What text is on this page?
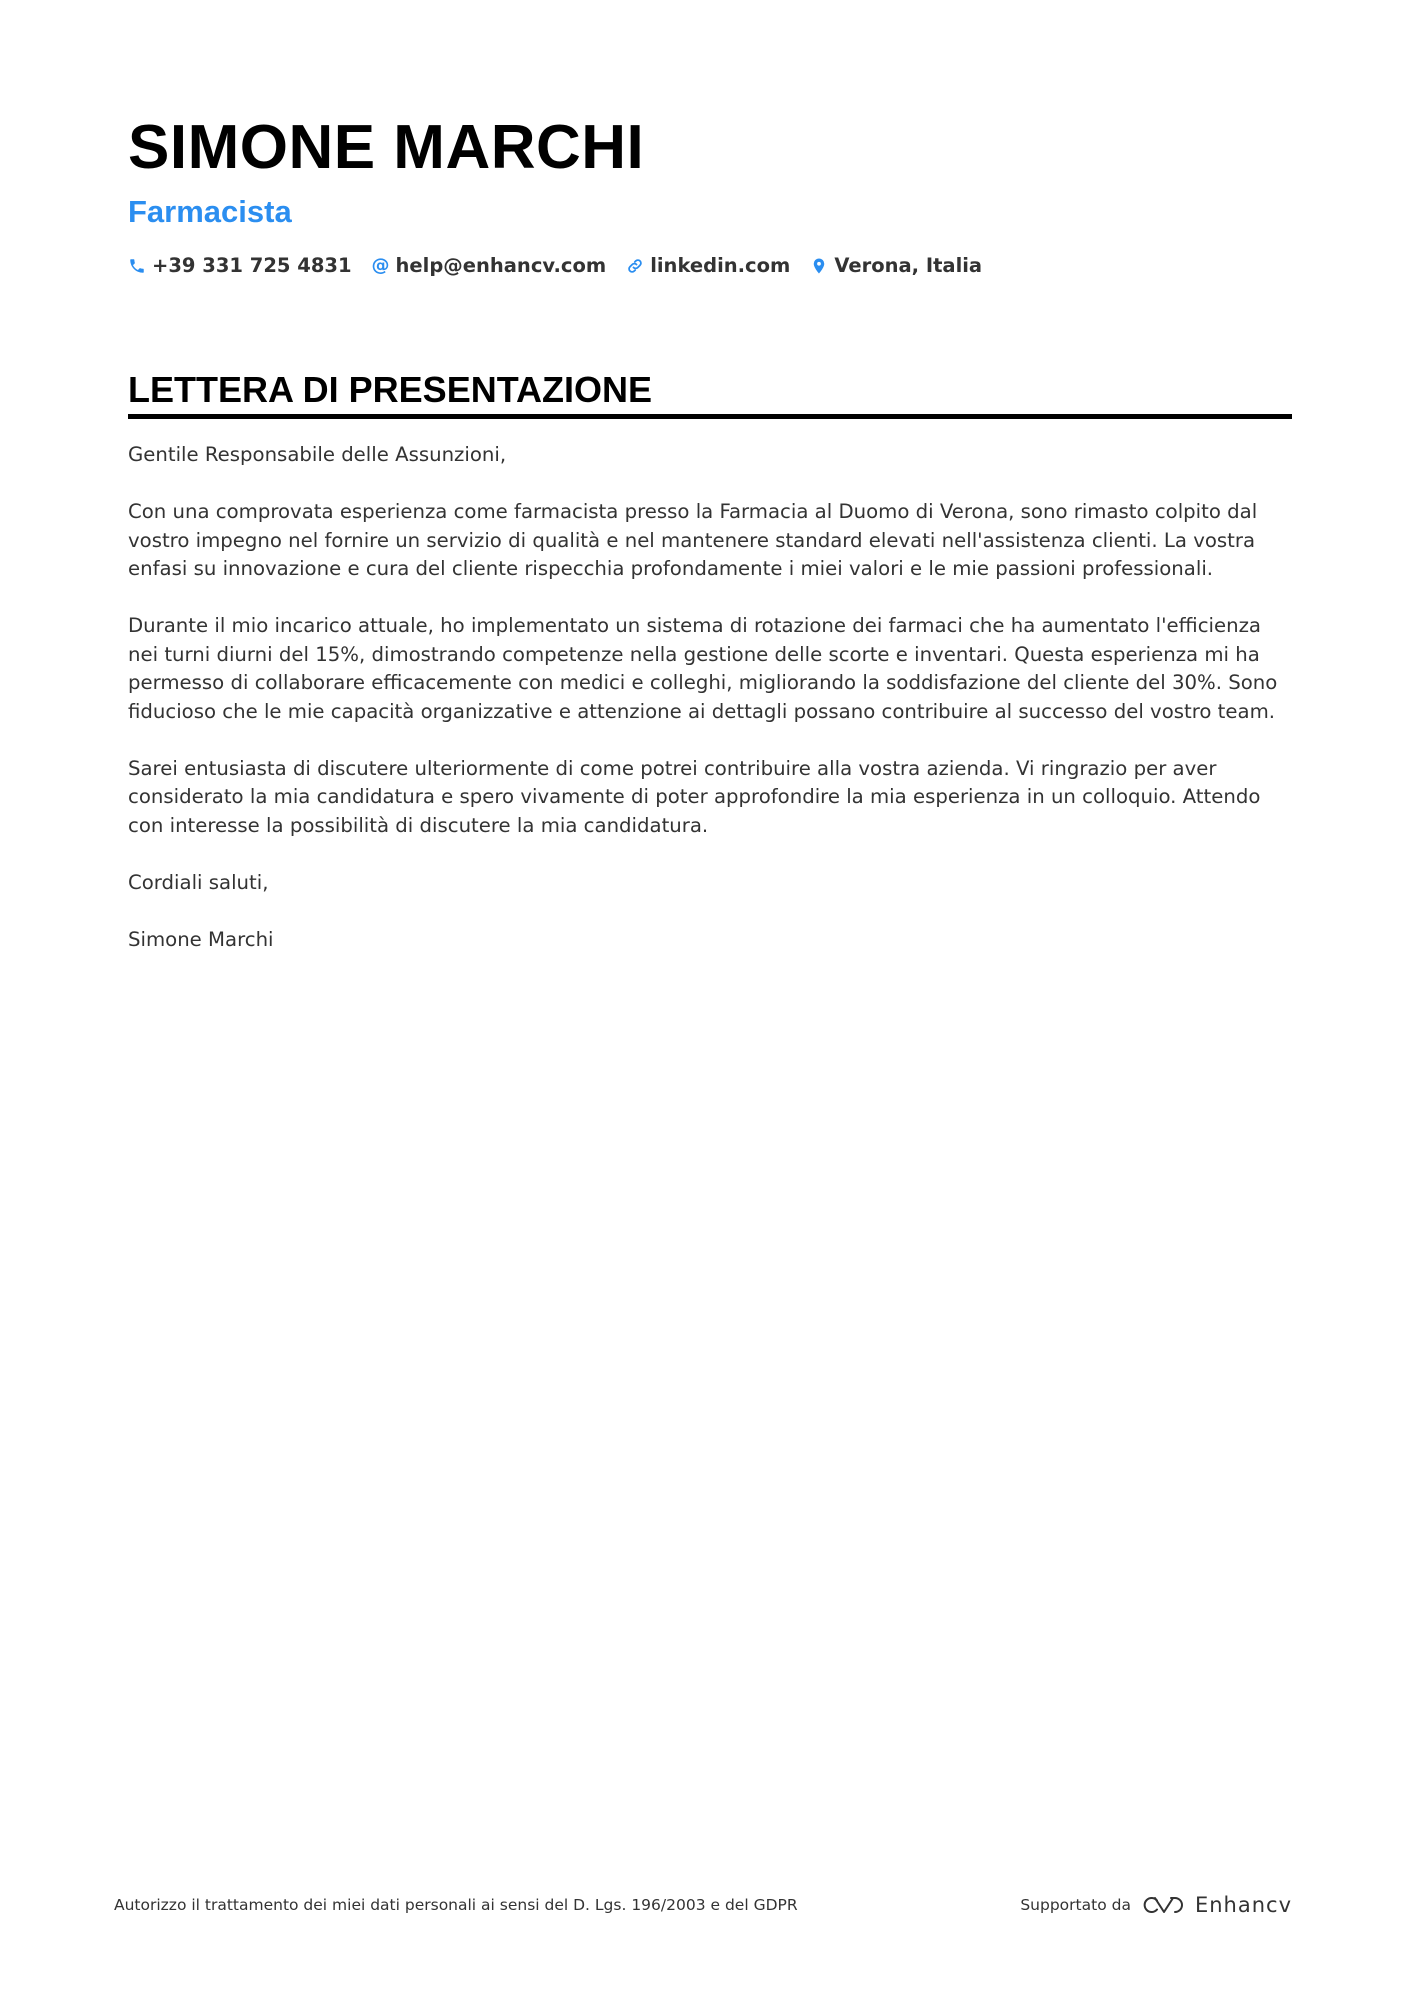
SIMONE MARCHI
Farmacista
+39 331 725 4831 @ help@enhancv.com linkedin.com Verona, Italia
LETTERA DI PRESENTAZIONE

Gentile Responsabile delle Assunzioni,

Con una comprovata esperienza come farmacista presso la Farmacia al Duomo di Verona, sono rimasto colpito dal vostro impegno nel fornire un servizio di qualità e nel mantenere standard elevati nell'assistenza clienti. La vostra enfasi su innovazione e cura del cliente rispecchia profondamente i miei valori e le mie passioni professionali.

Durante il mio incarico attuale, ho implementato un sistema di rotazione dei farmaci che ha aumentato l'efficienza nei turni diurni del 15%, dimostrando competenze nella gestione delle scorte e inventari. Questa esperienza mi ha permesso di collaborare efficacemente con medici e colleghi, migliorando la soddisfazione del cliente del 30%. Sono fiducioso che le mie capacità organizzative e attenzione ai dettagli possano contribuire al successo del vostro team.

Sarei entusiasta di discutere ulteriormente di come potrei contribuire alla vostra azienda. Vi ringrazio per aver considerato la mia candidatura e spero vivamente di poter approfondire la mia esperienza in un colloquio. Attendo con interesse la possibilità di discutere la mia candidatura.

Cordiali saluti,

Simone Marchi

Autorizzo il trattamento dei miei dati personali ai sensi del D. Lgs. 196/2003 e del GDPR	Supportato da	Enhancv
